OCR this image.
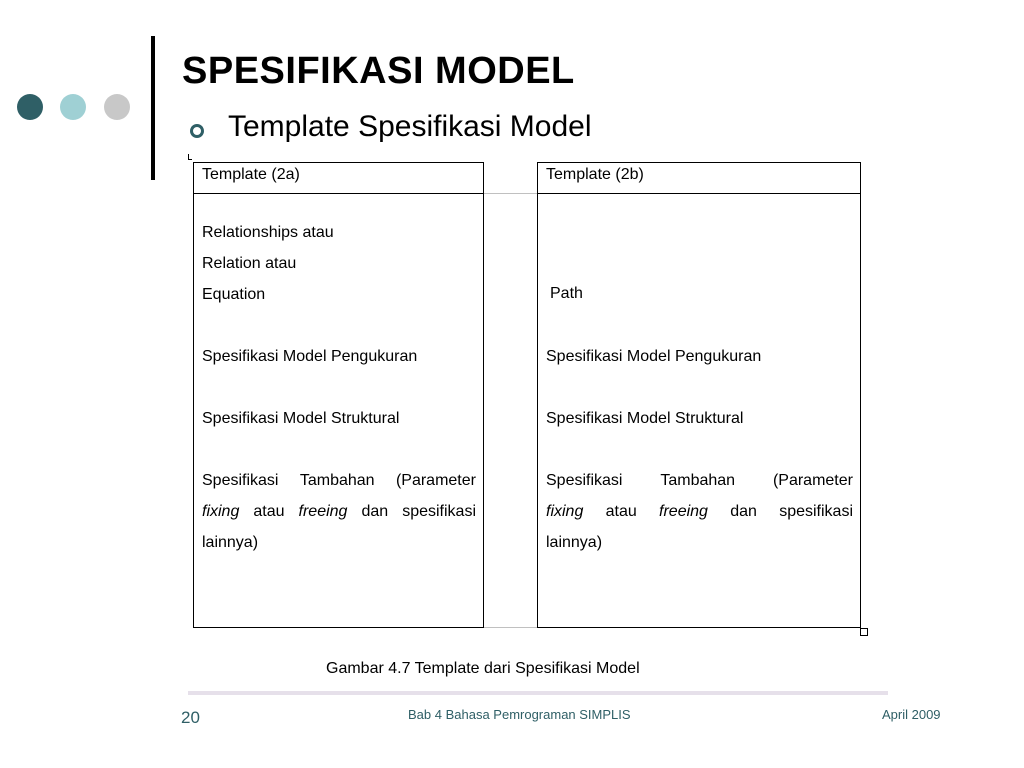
SPESIFIKASI MODEL
Template Spesifikasi Model
Template (2a)
Relationships atau
Relation atau
Equation
Spesifikasi Model Pengukuran
Spesifikasi Model Struktural
Spesifikasi Tambahan (Parameter
fixing atau freeing dan spesifikasi
lainnya)
Template (2b)
Path
Spesifikasi Model Pengukuran
Spesifikasi Model Struktural
Spesifikasi Tambahan (Parameter
fixing atau freeing dan spesifikasi
lainnya)
Gambar 4.7 Template dari Spesifikasi Model
20	Bab 4 Bahasa Pemrograman SIMPLIS	April 2009
